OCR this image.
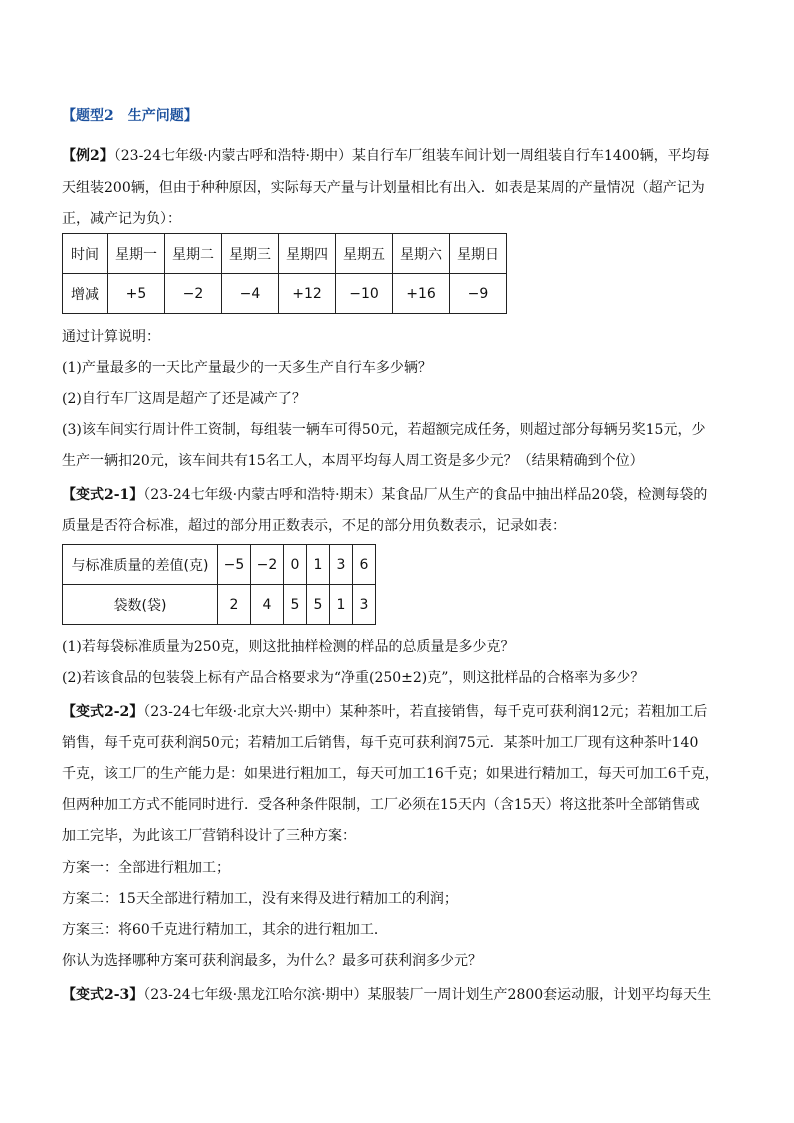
【题型2　生产问题】
【例2】（23-24七年级·内蒙古呼和浩特·期中）某自行车厂组装车间计划一周组装自行车1400辆，平均每
天组装200辆，但由于种种原因，实际每天产量与计划量相比有出入．如表是某周的产量情况（超产记为
正，减产记为负）：
时间	星期一	星期二	星期三	星期四	星期五	星期六	星期日
增减	+5	−2	−4	+12	−10	+16	−9
通过计算说明：
(1)产量最多的一天比产量最少的一天多生产自行车多少辆？
(2)自行车厂这周是超产了还是减产了？
(3)该车间实行周计件工资制，每组装一辆车可得50元，若超额完成任务，则超过部分每辆另奖15元，少
生产一辆扣20元，该车间共有15名工人，本周平均每人周工资是多少元？（结果精确到个位）
【变式2-1】（23-24七年级·内蒙古呼和浩特·期末）某食品厂从生产的食品中抽出样品20袋，检测每袋的
质量是否符合标准，超过的部分用正数表示，不足的部分用负数表示，记录如表：
与标准质量的差值(克)	−5	−2	0	1	3	6
袋数(袋)	2	4	5	5	1	3
(1)若每袋标准质量为250克，则这批抽样检测的样品的总质量是多少克？
(2)若该食品的包装袋上标有产品合格要求为“净重(250±2)克”，则这批样品的合格率为多少？
【变式2-2】（23-24七年级·北京大兴·期中）某种茶叶，若直接销售，每千克可获利润12元；若粗加工后
销售，每千克可获利润50元；若精加工后销售，每千克可获利润75元．某茶叶加工厂现有这种茶叶140
千克，该工厂的生产能力是：如果进行粗加工，每天可加工16千克；如果进行精加工，每天可加工6千克，
但两种加工方式不能同时进行．受各种条件限制，工厂必须在15天内（含15天）将这批茶叶全部销售或
加工完毕，为此该工厂营销科设计了三种方案：
方案一：全部进行粗加工；
方案二：15天全部进行精加工，没有来得及进行精加工的利润；
方案三：将60千克进行精加工，其余的进行粗加工．
你认为选择哪种方案可获利润最多，为什么？最多可获利润多少元？
【变式2-3】（23-24七年级·黑龙江哈尔滨·期中）某服装厂一周计划生产2800套运动服，计划平均每天生
